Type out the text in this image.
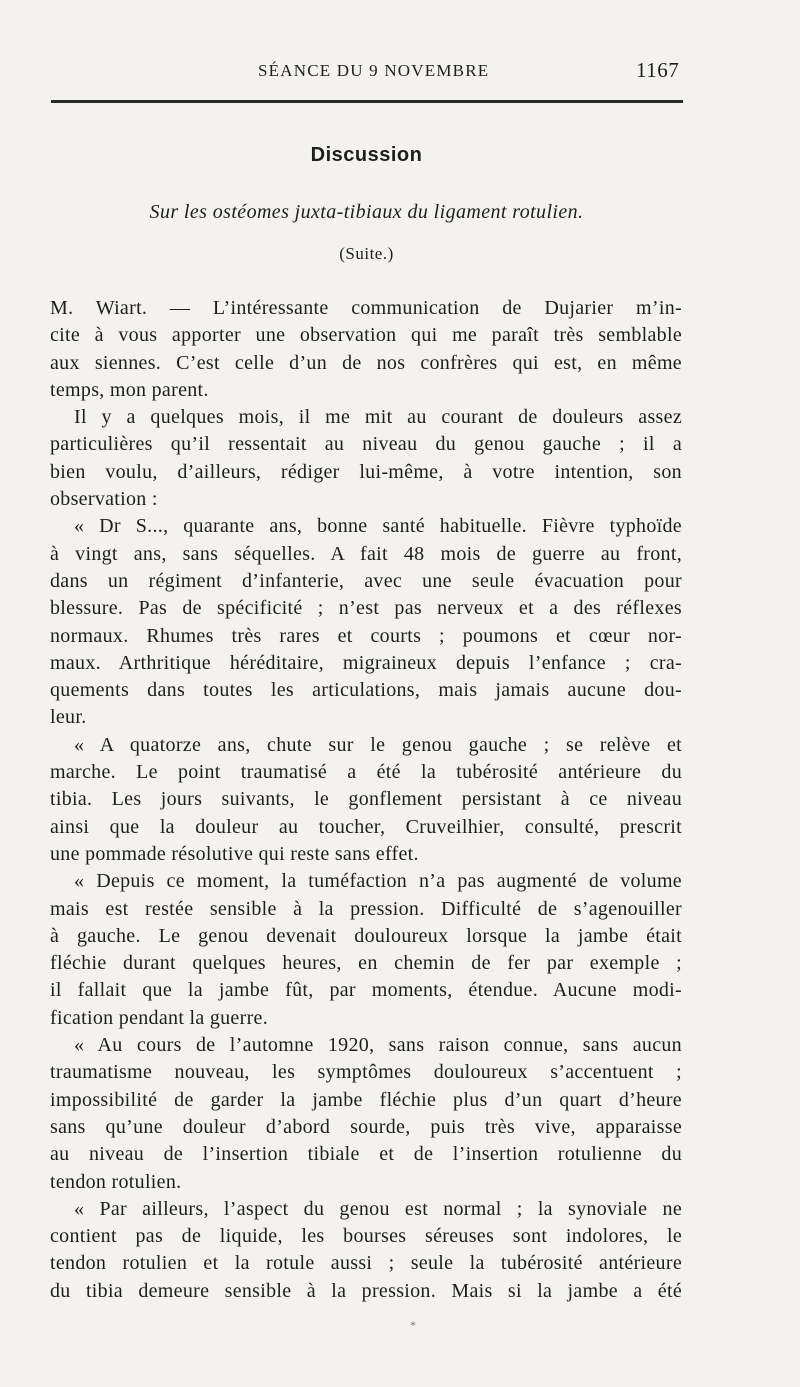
SÉANCE DU 9 NOVEMBRE	1167
Discussion
Sur les ostéomes juxta-tibiaux du ligament rotulien.
(Suite.)
M. Wiart. — L’intéressante communication de Dujarier m’in-
cite à vous apporter une observation qui me paraît très semblable
aux siennes. C’est celle d’un de nos confrères qui est, en même
temps, mon parent.
Il y a quelques mois, il me mit au courant de douleurs assez
particulières qu’il ressentait au niveau du genou gauche ; il a
bien voulu, d’ailleurs, rédiger lui-même, à votre intention, son
observation :
« Dr S..., quarante ans, bonne santé habituelle. Fièvre typhoïde
à vingt ans, sans séquelles. A fait 48 mois de guerre au front,
dans un régiment d’infanterie, avec une seule évacuation pour
blessure. Pas de spécificité ; n’est pas nerveux et a des réflexes
normaux. Rhumes très rares et courts ; poumons et cœur nor-
maux. Arthritique héréditaire, migraineux depuis l’enfance ; cra-
quements dans toutes les articulations, mais jamais aucune dou-
leur.
« A quatorze ans, chute sur le genou gauche ; se relève et
marche. Le point traumatisé a été la tubérosité antérieure du
tibia. Les jours suivants, le gonflement persistant à ce niveau
ainsi que la douleur au toucher, Cruveilhier, consulté, prescrit
une pommade résolutive qui reste sans effet.
« Depuis ce moment, la tuméfaction n’a pas augmenté de volume
mais est restée sensible à la pression. Difficulté de s’agenouiller
à gauche. Le genou devenait douloureux lorsque la jambe était
fléchie durant quelques heures, en chemin de fer par exemple ;
il fallait que la jambe fût, par moments, étendue. Aucune modi-
fication pendant la guerre.
« Au cours de l’automne 1920, sans raison connue, sans aucun
traumatisme nouveau, les symptômes douloureux s’accentuent ;
impossibilité de garder la jambe fléchie plus d’un quart d’heure
sans qu’une douleur d’abord sourde, puis très vive, apparaisse
au niveau de l’insertion tibiale et de l’insertion rotulienne du
tendon rotulien.
« Par ailleurs, l’aspect du genou est normal ; la synoviale ne
contient pas de liquide, les bourses séreuses sont indolores, le
tendon rotulien et la rotule aussi ; seule la tubérosité antérieure
du tibia demeure sensible à la pression. Mais si la jambe a été
*
